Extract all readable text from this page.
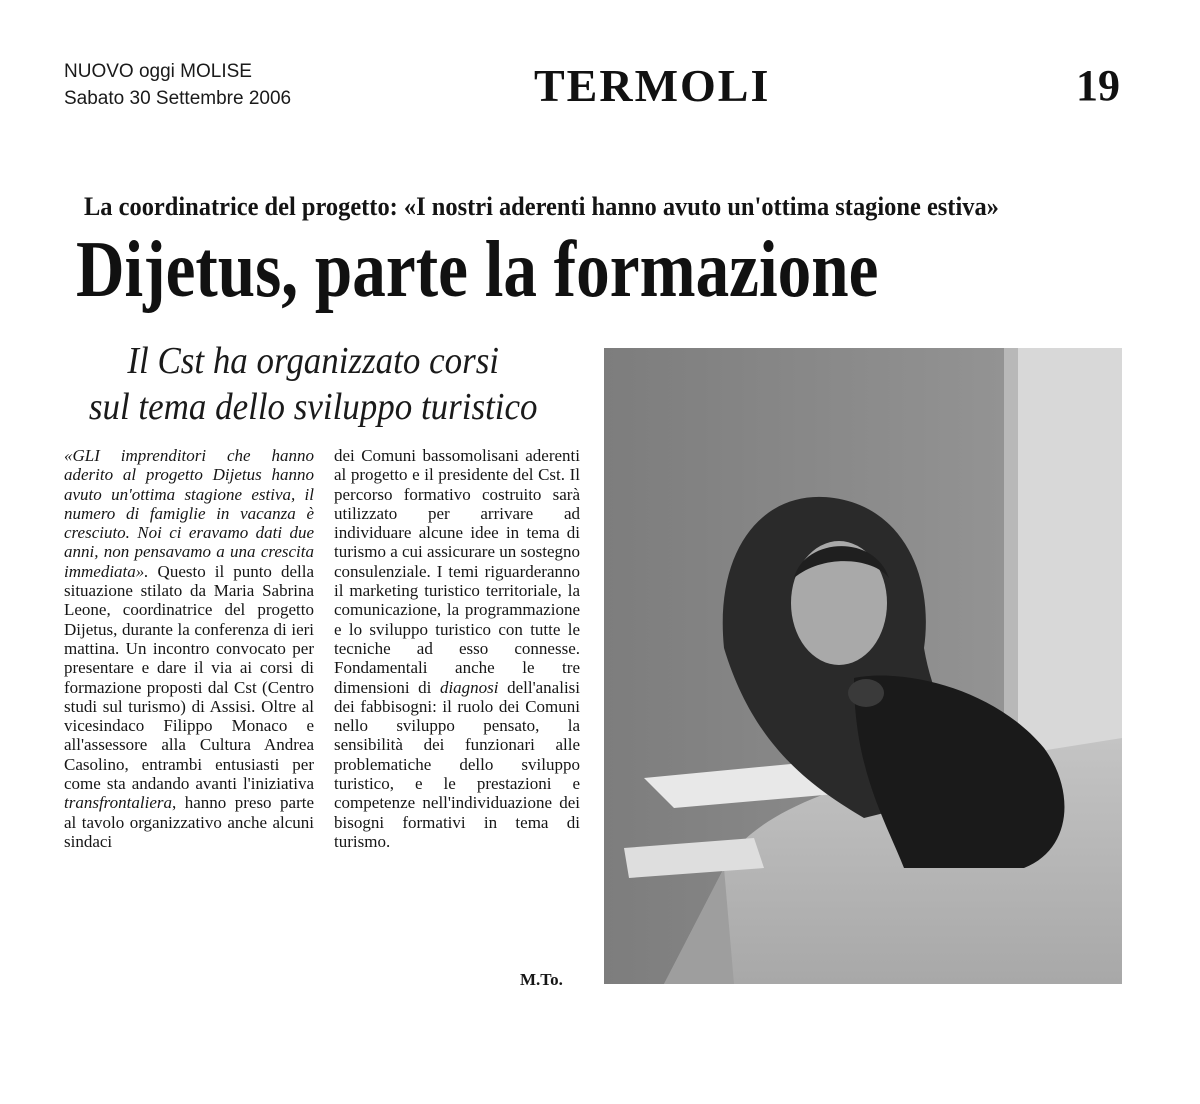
NUOVO oggi MOLISE
Sabato 30 Settembre 2006	TERMOLI	19
La coordinatrice del progetto: «I nostri aderenti hanno avuto un'ottima stagione estiva»
Dijetus, parte la formazione
Il Cst ha organizzato corsi
sul tema dello sviluppo turistico

«GLI imprenditori che hanno aderito al progetto Dijetus hanno avuto un'ottima stagione estiva, il numero di famiglie in vacanza è cresciuto. Noi ci eravamo dati due anni, non pensavamo a una crescita immediata». Questo il punto della situazione stilato da Maria Sabrina Leone, coordinatrice del progetto Dijetus, durante la conferenza di ieri mattina. Un incontro convocato per presentare e dare il via ai corsi di formazione proposti dal Cst (Centro studi sul turismo) di Assisi. Oltre al vicesindaco Filippo Monaco e all'assessore alla Cultura Andrea Casolino, entrambi entusiasti per come sta andando avanti l'iniziativa transfrontaliera, hanno preso parte al tavolo organizzativo anche alcuni sindaci

dei Comuni bassomolisani aderenti al progetto e il presidente del Cst. Il percorso formativo costruito sarà utilizzato per arrivare ad individuare alcune idee in tema di turismo a cui assicurare un sostegno consulenziale. I temi riguarderanno il marketing turistico territoriale, la comunicazione, la programmazione e lo sviluppo turistico con tutte le tecniche ad esso connesse. Fondamentali anche le tre dimensioni di diagnosi dell'analisi dei fabbisogni: il ruolo dei Comuni nello sviluppo pensato, la sensibilità dei funzionari alle problematiche dello sviluppo turistico, e le prestazioni e competenze nell'individuazione dei bisogni formativi in tema di turismo.

M.To.
